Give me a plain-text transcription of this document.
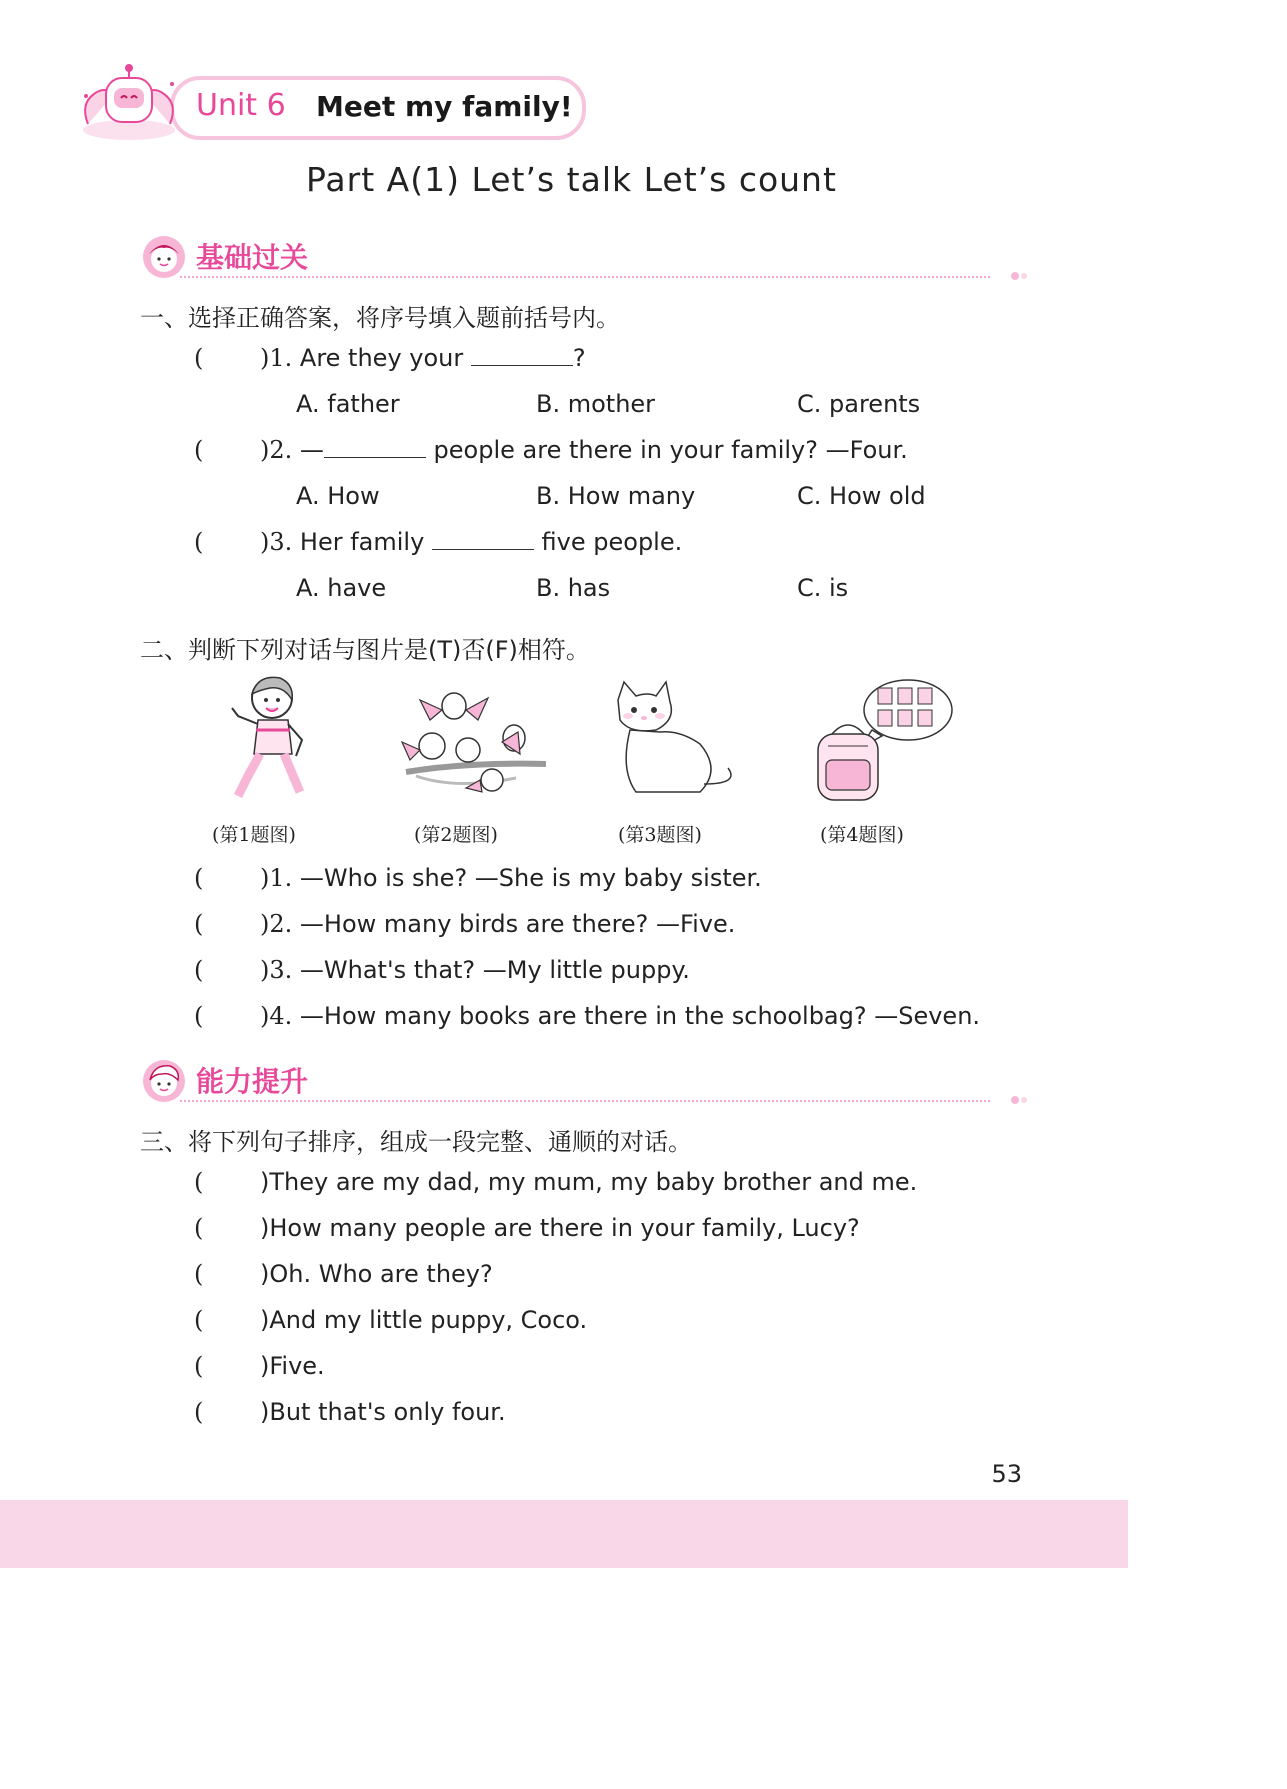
Unit 6 Meet my family!
Part A(1) Let’s talk Let’s count
基础过关
一、选择正确答案，将序号填入题前括号内。
( )1. Are they your	?
A. father	B. mother	C. parents
( )2. —	people are there in your family? —Four.
A. How	B. How many	C. How old
( )3. Her family	five people.
A. have	B. has	C. is
二、判断下列对话与图片是(T)否(F)相符。
(第1题图)	(第2题图)	(第3题图)	(第4题图)
( )1. —Who is she? —She is my baby sister.
( )2. —How many birds are there? —Five.
( )3. —What's that? —My little puppy.
( )4. —How many books are there in the schoolbag? —Seven.
能力提升
三、将下列句子排序，组成一段完整、通顺的对话。
( )They are my dad, my mum, my baby brother and me.
( )How many people are there in your family, Lucy?
( )Oh. Who are they?
( )And my little puppy, Coco.
( )Five.
( )But that's only four.
53
